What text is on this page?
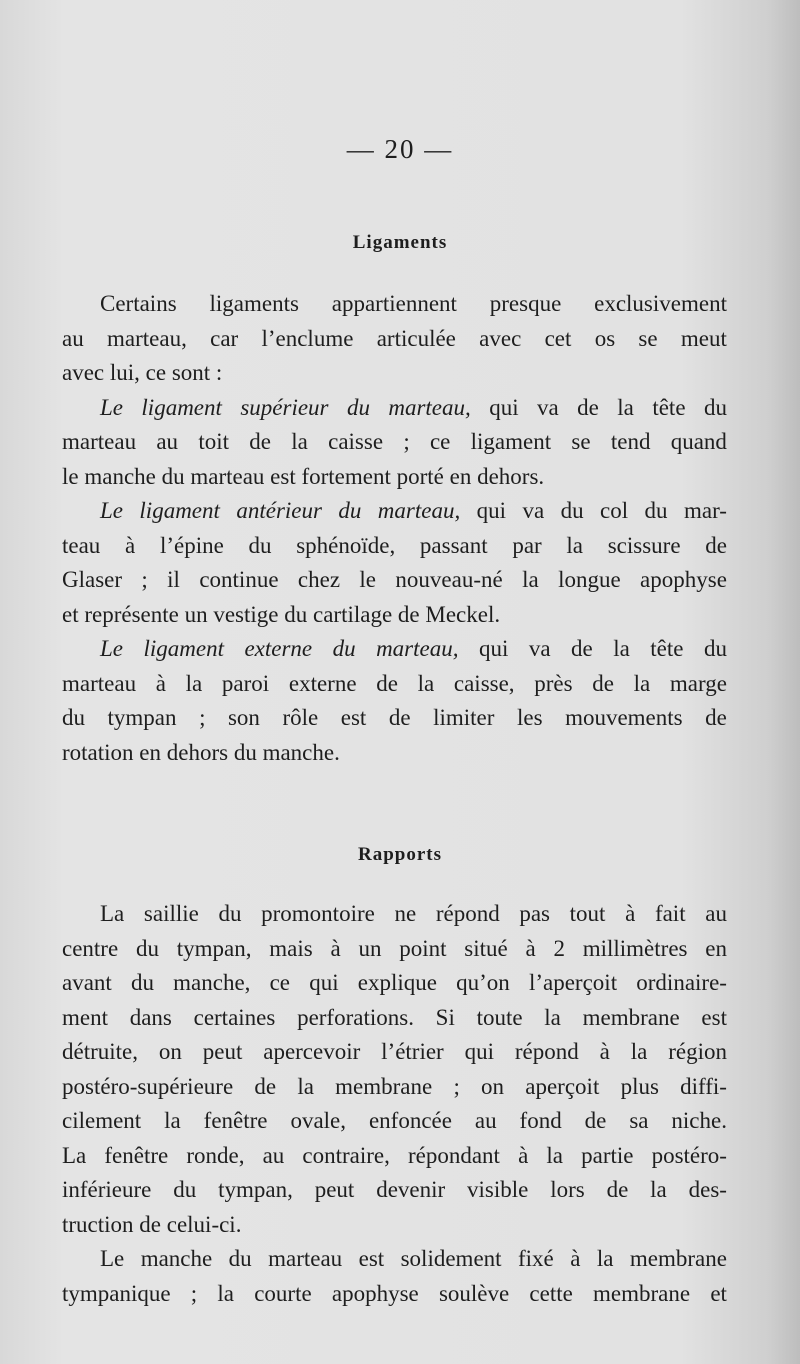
— 20 —
Ligaments
Certains ligaments appartiennent presque exclusivement
au marteau, car l’enclume articulée avec cet os se meut
avec lui, ce sont :
Le ligament supérieur du marteau, qui va de la tête du
marteau au toit de la caisse ; ce ligament se tend quand
le manche du marteau est fortement porté en dehors.
Le ligament antérieur du marteau, qui va du col du mar-
teau à l’épine du sphénoïde, passant par la scissure de
Glaser ; il continue chez le nouveau-né la longue apophyse
et représente un vestige du cartilage de Meckel.
Le ligament externe du marteau, qui va de la tête du
marteau à la paroi externe de la caisse, près de la marge
du tympan ; son rôle est de limiter les mouvements de
rotation en dehors du manche.
Rapports
La saillie du promontoire ne répond pas tout à fait au
centre du tympan, mais à un point situé à 2 millimètres en
avant du manche, ce qui explique qu’on l’aperçoit ordinaire-
ment dans certaines perforations. Si toute la membrane est
détruite, on peut apercevoir l’étrier qui répond à la région
postéro-supérieure de la membrane ; on aperçoit plus diffi-
cilement la fenêtre ovale, enfoncée au fond de sa niche.
La fenêtre ronde, au contraire, répondant à la partie postéro-
inférieure du tympan, peut devenir visible lors de la des-
truction de celui-ci.
Le manche du marteau est solidement fixé à la membrane
tympanique ; la courte apophyse soulève cette membrane et
